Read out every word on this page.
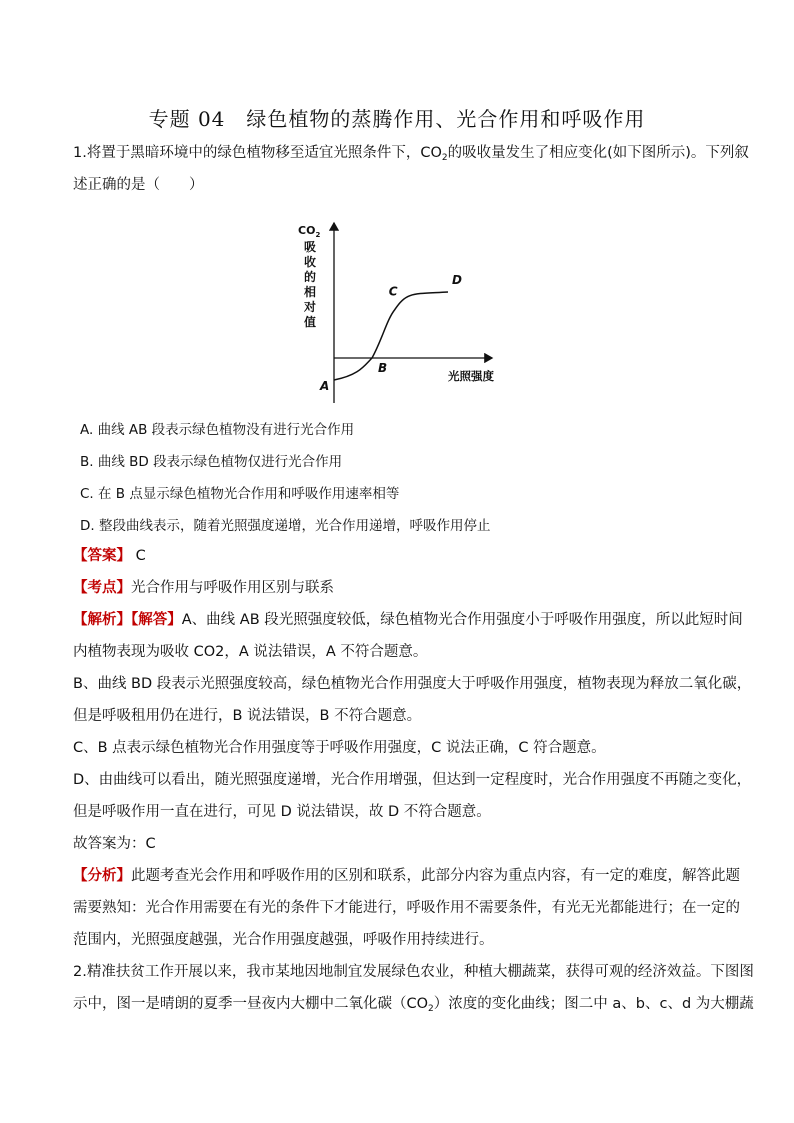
专题 04　绿色植物的蒸腾作用、光合作用和呼吸作用
1.将置于黑暗环境中的绿色植物移至适宜光照条件下，$CO_2$的吸收量发生了相应变化(如下图所示)。下列叙
述正确的是（　　）
$CO_2$
吸
收
的
相
对
值
光照强度
A
B
C
D
A. 曲线 AB 段表示绿色植物没有进行光合作用
B. 曲线 BD 段表示绿色植物仅进行光合作用
C. 在 B 点显示绿色植物光合作用和呼吸作用速率相等
D. 整段曲线表示，随着光照强度递增，光合作用递增，呼吸作用停止
【答案】 C
【考点】光合作用与呼吸作用区别与联系
【解析】【解答】A、曲线 AB 段光照强度较低，绿色植物光合作用强度小于呼吸作用强度，所以此短时间
内植物表现为吸收 CO2，A 说法错误，A 不符合题意。
B、曲线 BD 段表示光照强度较高，绿色植物光合作用强度大于呼吸作用强度，植物表现为释放二氧化碳，
但是呼吸租用仍在进行，B 说法错误，B 不符合题意。
C、B 点表示绿色植物光合作用强度等于呼吸作用强度，C 说法正确，C 符合题意。
D、由曲线可以看出，随光照强度递增，光合作用增强，但达到一定程度时，光合作用强度不再随之变化，
但是呼吸作用一直在进行，可见 D 说法错误，故 D 不符合题意。
故答案为：C
【分析】此题考查光会作用和呼吸作用的区别和联系，此部分内容为重点内容，有一定的难度，解答此题
需要熟知：光合作用需要在有光的条件下才能进行，呼吸作用不需要条件，有光无光都能进行；在一定的
范围内，光照强度越强，光合作用强度越强，呼吸作用持续进行。
2.精准扶贫工作开展以来，我市某地因地制宜发展绿色农业，种植大棚蔬菜，获得可观的经济效益。下图图
示中，图一是晴朗的夏季一昼夜内大棚中二氧化碳$(CO_2)$浓度的变化曲线；图二中 a、b、c、d 为大棚蔬
